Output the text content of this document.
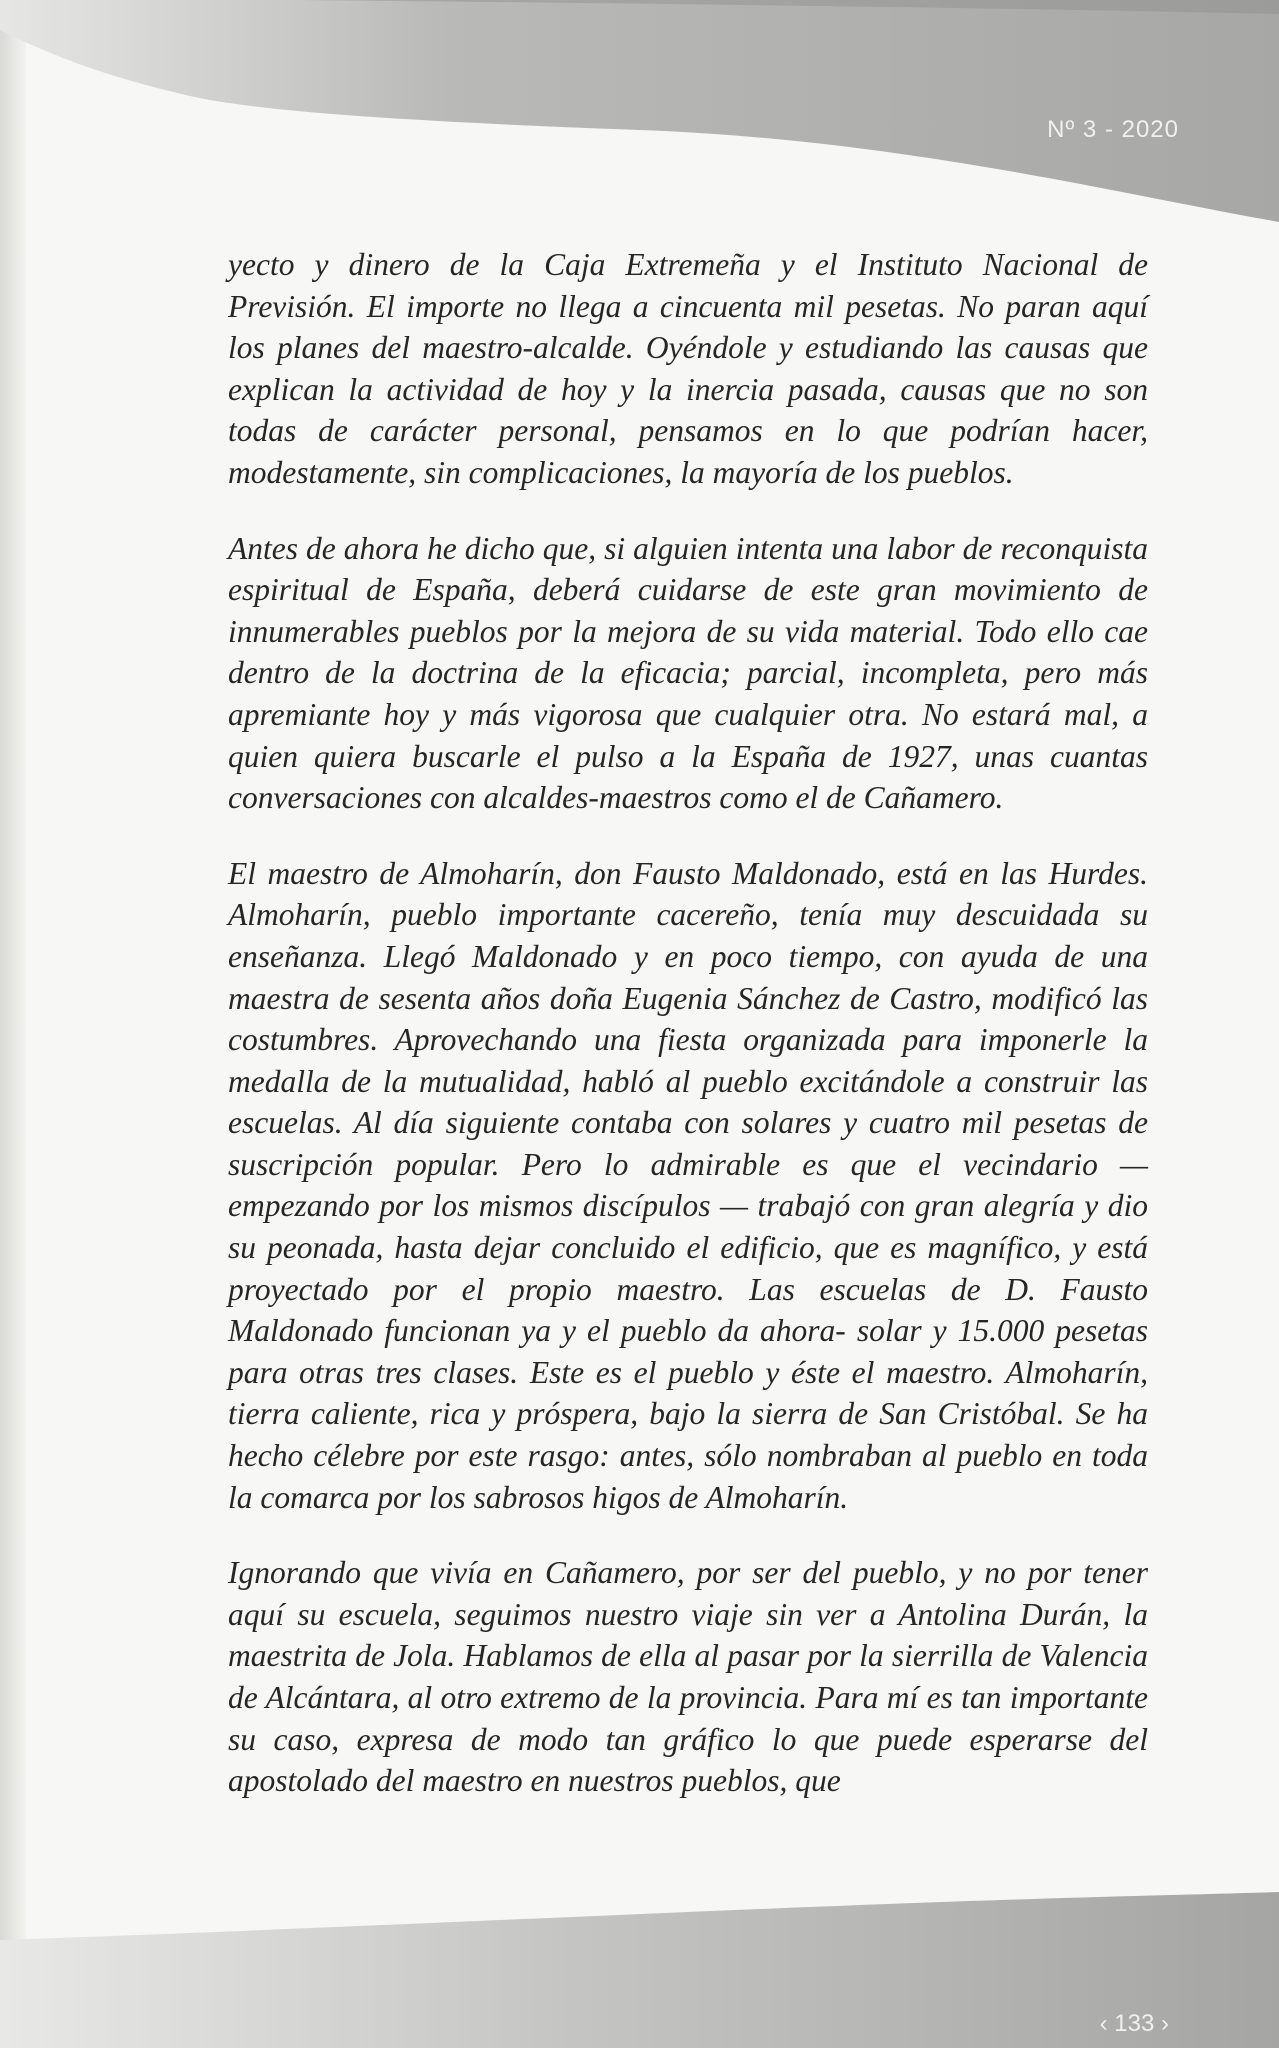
Nº 3 - 2020

yecto y dinero de la Caja Extremeña y el Instituto Nacional de Previsión. El importe no llega a cincuenta mil pesetas. No paran aquí los planes del maestro-alcalde. Oyéndole y estudiando las causas que explican la actividad de hoy y la inercia pasada, causas que no son todas de carácter personal, pensamos en lo que podrían hacer, modestamente, sin complicaciones, la mayoría de los pueblos.

Antes de ahora he dicho que, si alguien intenta una labor de reconquista espiritual de España, deberá cuidarse de este gran movimiento de innumerables pueblos por la mejora de su vida material. Todo ello cae dentro de la doctrina de la eficacia; parcial, incompleta, pero más apremiante hoy y más vigorosa que cualquier otra. No estará mal, a quien quiera buscarle el pulso a la España de 1927, unas cuantas conversaciones con alcaldes-maestros como el de Cañamero.

El maestro de Almoharín, don Fausto Maldonado, está en las Hurdes. Almoharín, pueblo importante cacereño, tenía muy descuidada su enseñanza. Llegó Maldonado y en poco tiempo, con ayuda de una maestra de sesenta años doña Eugenia Sánchez de Castro, modificó las costumbres. Aprovechando una fiesta organizada para imponerle la medalla de la mutualidad, habló al pueblo excitándole a construir las escuelas. Al día siguiente contaba con solares y cuatro mil pesetas de suscripción popular. Pero lo admirable es que el vecindario — empezando por los mismos discípulos — trabajó con gran alegría y dio su peonada, hasta dejar concluido el edificio, que es magnífico, y está proyectado por el propio maestro. Las escuelas de D. Fausto Maldonado funcionan ya y el pueblo da ahora- solar y 15.000 pesetas para otras tres clases. Este es el pueblo y éste el maestro. Almoharín, tierra caliente, rica y próspera, bajo la sierra de San Cristóbal. Se ha hecho célebre por este rasgo: antes, sólo nombraban al pueblo en toda la comarca por los sabrosos higos de Almoharín.

Ignorando que vivía en Cañamero, por ser del pueblo, y no por tener aquí su escuela, seguimos nuestro viaje sin ver a Antolina Durán, la maestrita de Jola. Hablamos de ella al pasar por la sierrilla de Valencia de Alcántara, al otro extremo de la provincia. Para mí es tan importante su caso, expresa de modo tan gráfico lo que puede esperarse del apostolado del maestro en nuestros pueblos, que

‹ 133 ›
